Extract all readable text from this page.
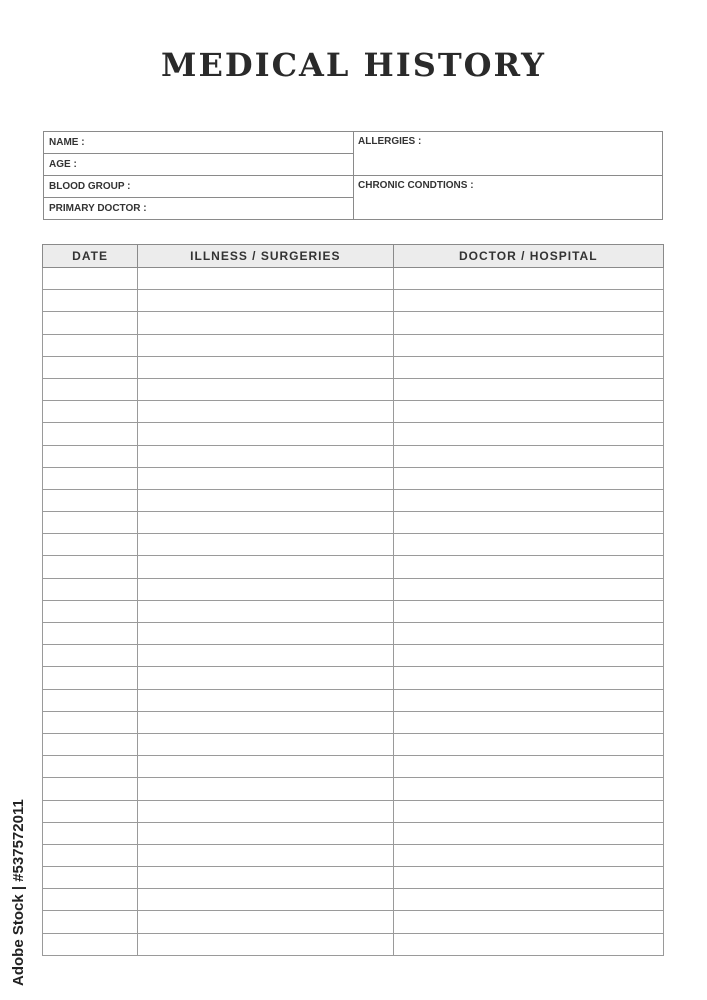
MEDICAL HISTORY
NAME :
AGE :
BLOOD GROUP :
PRIMARY DOCTOR :
ALLERGIES :
CHRONIC CONDTIONS :
DATE	ILLNESS / SURGERIES	DOCTOR / HOSPITAL

Adobe Stock | #537572011
